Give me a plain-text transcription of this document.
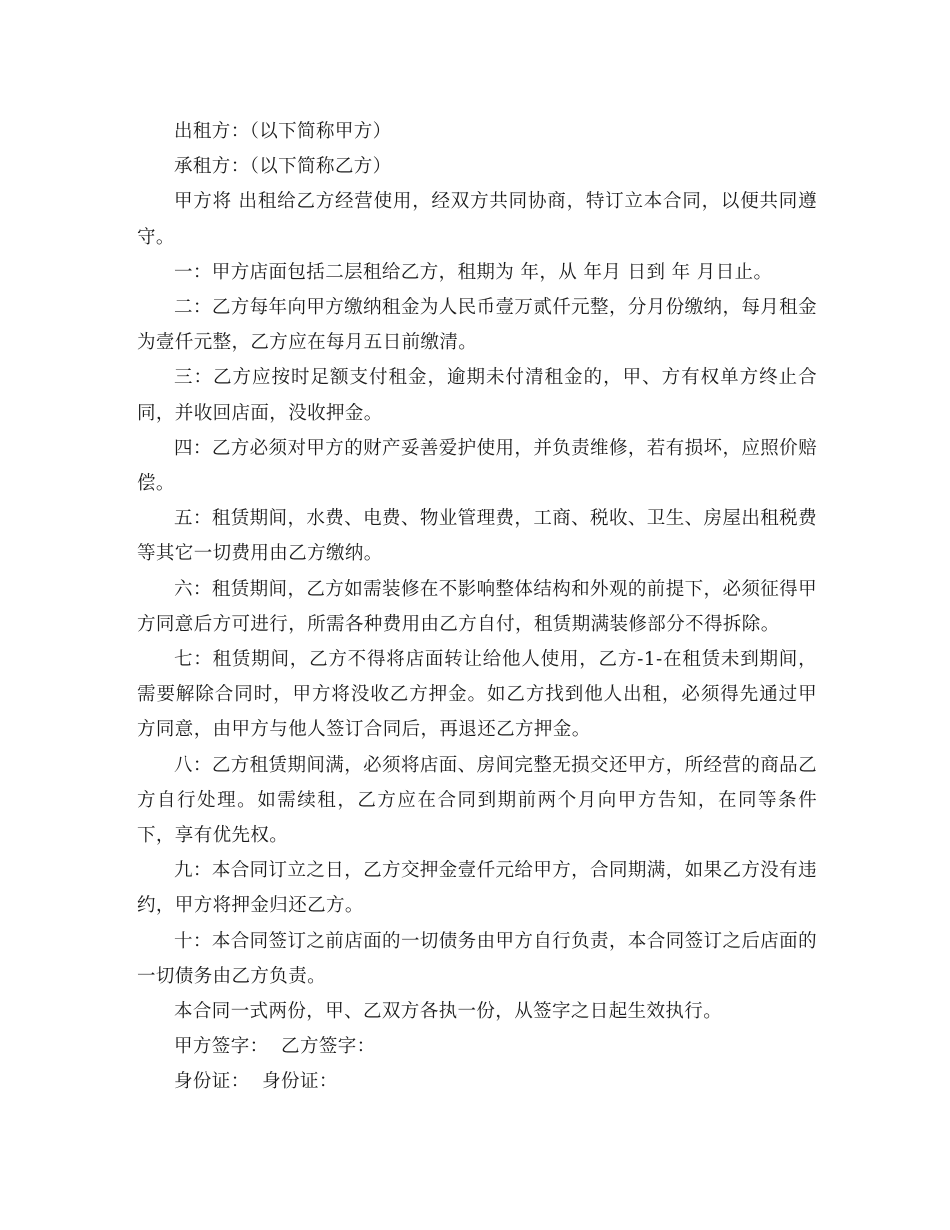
出租方：（以下简称甲方）

承租方：（以下简称乙方）

甲方将 出租给乙方经营使用，经双方共同协商，特订立本合同，以便共同遵守。

一：甲方店面包括二层租给乙方，租期为 年，从 年月 日到 年 月日止。

二：乙方每年向甲方缴纳租金为人民币壹万贰仟元整，分月份缴纳，每月租金为壹仟元整，乙方应在每月五日前缴清。

三：乙方应按时足额支付租金，逾期未付清租金的，甲、方有权单方终止合同，并收回店面，没收押金。

四：乙方必须对甲方的财产妥善爱护使用，并负责维修，若有损坏，应照价赔偿。

五：租赁期间，水费、电费、物业管理费，工商、税收、卫生、房屋出租税费等其它一切费用由乙方缴纳。

六：租赁期间，乙方如需装修在不影响整体结构和外观的前提下，必须征得甲方同意后方可进行，所需各种费用由乙方自付，租赁期满装修部分不得拆除。

七：租赁期间，乙方不得将店面转让给他人使用，乙方-1-在租赁未到期间，需要解除合同时，甲方将没收乙方押金。如乙方找到他人出租，必须得先通过甲方同意，由甲方与他人签订合同后，再退还乙方押金。

八：乙方租赁期间满，必须将店面、房间完整无损交还甲方，所经营的商品乙方自行处理。如需续租，乙方应在合同到期前两个月向甲方告知，在同等条件下，享有优先权。

九：本合同订立之日，乙方交押金壹仟元给甲方，合同期满，如果乙方没有违约，甲方将押金归还乙方。

十：本合同签订之前店面的一切债务由甲方自行负责，本合同签订之后店面的一切债务由乙方负责。

本合同一式两份，甲、乙双方各执一份，从签字之日起生效执行。

甲方签字：  乙方签字：

身份证：  身份证：
